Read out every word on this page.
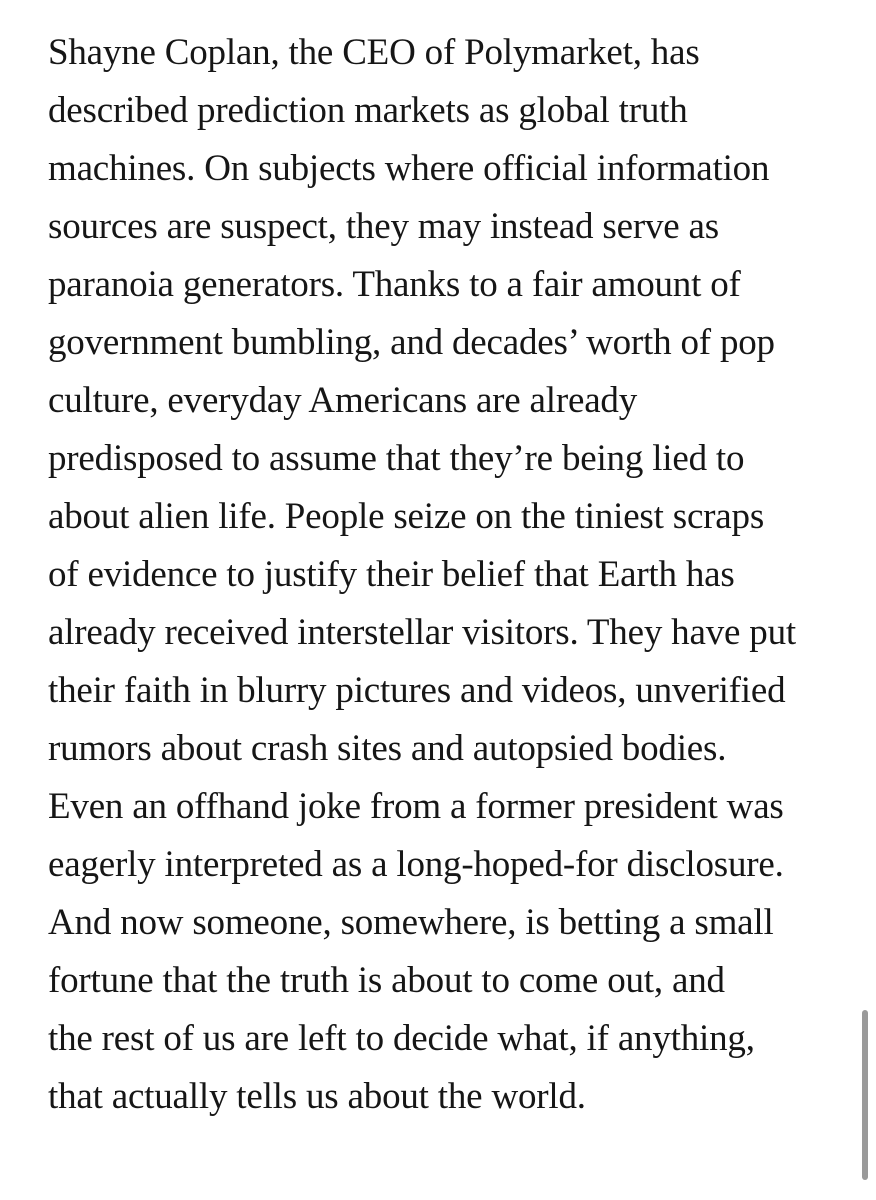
Shayne Coplan, the CEO of Polymarket, has
described prediction markets as global truth
machines. On subjects where official information
sources are suspect, they may instead serve as
paranoia generators. Thanks to a fair amount of
government bumbling, and decades’ worth of pop
culture, everyday Americans are already
predisposed to assume that they’re being lied to
about alien life. People seize on the tiniest scraps
of evidence to justify their belief that Earth has
already received interstellar visitors. They have put
their faith in blurry pictures and videos, unverified
rumors about crash sites and autopsied bodies.
Even an offhand joke from a former president was
eagerly interpreted as a long-hoped-for disclosure.
And now someone, somewhere, is betting a small
fortune that the truth is about to come out, and
the rest of us are left to decide what, if anything,
that actually tells us about the world.
